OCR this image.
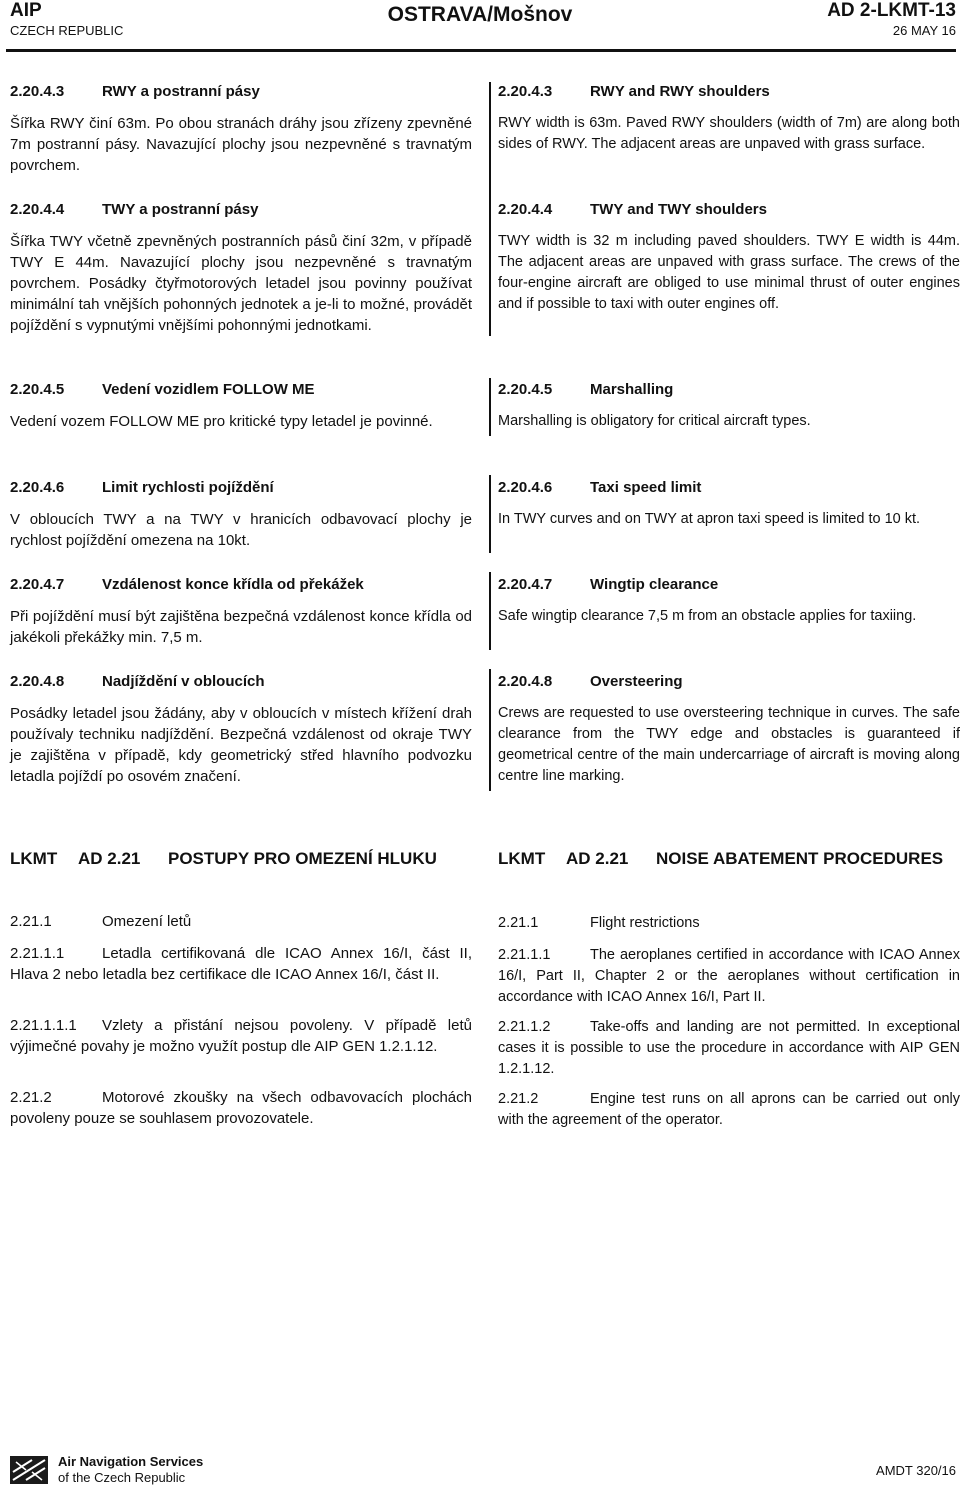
AIP
CZECH REPUBLIC
OSTRAVA/Mošnov	AD 2-LKMT-13
26 MAY 16
2.20.4.3	RWY a postranní pásy
Šířka RWY činí 63m. Po obou stranách dráhy jsou zřízeny zpevněné 7m postranní pásy. Navazující plochy jsou nezpevněné s travnatým povrchem.
2.20.4.4	TWY a postranní pásy
Šířka TWY včetně zpevněných postranních pásů činí 32m, v případě TWY E 44m. Navazující plochy jsou nezpevněné s travnatým povrchem. Posádky čtyřmotorových letadel jsou povinny používat minimální tah vnějších pohonných jednotek a je-li to možné, provádět pojíždění s vypnutými vnějšími pohonnými jednotkami.
2.20.4.5	Vedení vozidlem FOLLOW ME
Vedení vozem FOLLOW ME pro kritické typy letadel je povinné.
2.20.4.6	Limit rychlosti pojíždění
V obloucích TWY a na TWY v hranicích odbavovací plochy je rychlost pojíždění omezena na 10kt.
2.20.4.7	Vzdálenost konce křídla od překážek
Při pojíždění musí být zajištěna bezpečná vzdálenost konce křídla od jakékoli překážky min. 7,5 m.
2.20.4.8	Nadjíždění v obloucích
Posádky letadel jsou žádány, aby v obloucích v místech křížení drah používaly techniku nadjíždění. Bezpečná vzdálenost od okraje TWY je zajištěna v případě, kdy geometrický střed hlavního podvozku letadla pojíždí po osovém značení.
LKMT AD 2.21 POSTUPY PRO OMEZENÍ HLUKU
2.21.1	Omezení letů
2.21.1.1	Letadla certifikovaná dle ICAO Annex 16/I, část II, Hlava 2 nebo letadla bez certifikace dle ICAO Annex 16/I, část II.
2.21.1.1.1 Vzlety a přistání nejsou povoleny. V případě letů výjimečné povahy je možno využít postup dle AIP GEN 1.2.1.12.
2.21.2	Motorové zkoušky na všech odbavovacích plochách povoleny pouze se souhlasem provozovatele.
2.20.4.3	RWY and RWY shoulders
RWY width is 63m. Paved RWY shoulders (width of 7m) are along both sides of RWY. The adjacent areas are unpaved with grass surface.
2.20.4.4	TWY and TWY shoulders
TWY width is 32 m including paved shoulders. TWY E width is 44m. The adjacent areas are unpaved with grass surface. The crews of the four-engine aircraft are obliged to use minimal thrust of outer engines and if possible to taxi with outer engines off.
2.20.4.5	Marshalling
Marshalling is obligatory for critical aircraft types.
2.20.4.6	Taxi speed limit
In TWY curves and on TWY at apron taxi speed is limited to 10 kt.
2.20.4.7	Wingtip clearance
Safe wingtip clearance 7,5 m from an obstacle applies for taxiing.
2.20.4.8	Oversteering
Crews are requested to use oversteering technique in curves. The safe clearance from the TWY edge and obstacles is guaranteed if geometrical centre of the main undercarriage of aircraft is moving along centre line marking.
LKMT AD 2.21 NOISE ABATEMENT PROCEDURES
2.21.1	Flight restrictions
2.21.1.1	The aeroplanes certified in accordance with ICAO Annex 16/I, Part II, Chapter 2 or the aeroplanes without certification in accordance with ICAO Annex 16/I, Part II.
2.21.1.2	Take-offs and landing are not permitted. In exceptional cases it is possible to use the procedure in accordance with AIP GEN 1.2.1.12.
2.21.2	Engine test runs on all aprons can be carried out only with the agreement of the operator.
Air Navigation Services
of the Czech Republic	AMDT 320/16
